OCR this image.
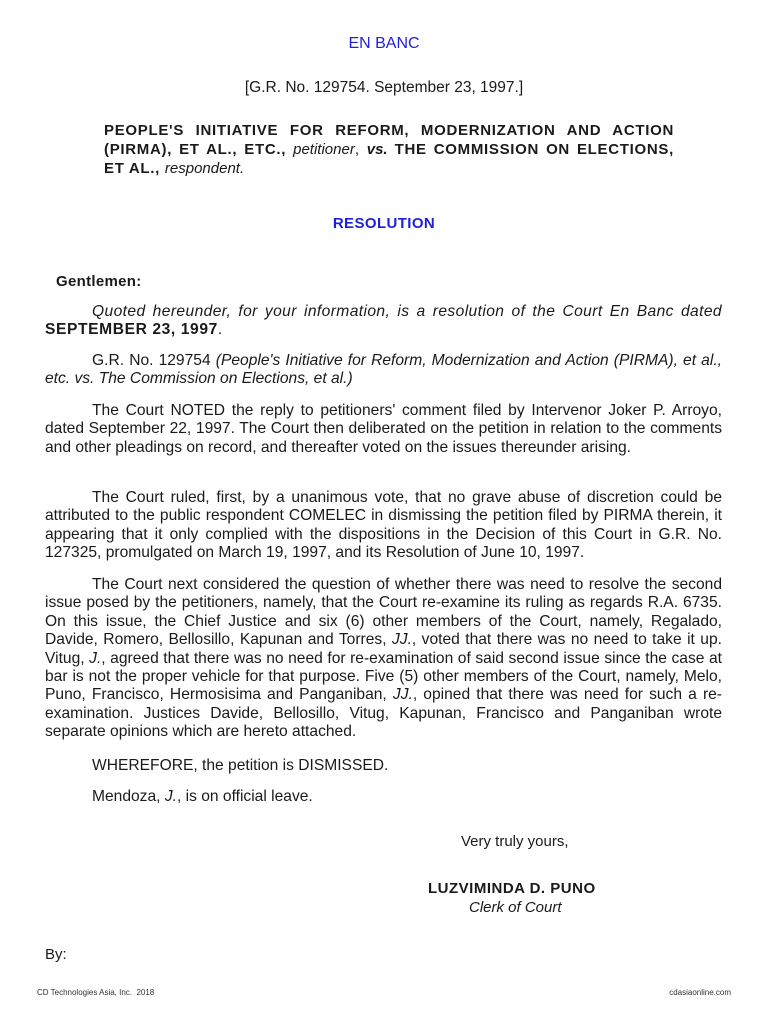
EN BANC
[G.R. No. 129754. September 23, 1997.]
PEOPLE'S INITIATIVE FOR REFORM, MODERNIZATION AND ACTION (PIRMA), ET AL., ETC., petitioner, vs. THE COMMISSION ON ELECTIONS, ET AL., respondent.
RESOLUTION
Gentlemen:

Quoted hereunder, for your information, is a resolution of the Court En Banc dated SEPTEMBER 23, 1997.

G.R. No. 129754 (People's Initiative for Reform, Modernization and Action (PIRMA), et al., etc. vs. The Commission on Elections, et al.)

The Court NOTED the reply to petitioners' comment filed by Intervenor Joker P. Arroyo, dated September 22, 1997. The Court then deliberated on the petition in relation to the comments and other pleadings on record, and thereafter voted on the issues thereunder arising.

The Court ruled, first, by a unanimous vote, that no grave abuse of discretion could be attributed to the public respondent COMELEC in dismissing the petition filed by PIRMA therein, it appearing that it only complied with the dispositions in the Decision of this Court in G.R. No. 127325, promulgated on March 19, 1997, and its Resolution of June 10, 1997.

The Court next considered the question of whether there was need to resolve the second issue posed by the petitioners, namely, that the Court re-examine its ruling as regards R.A. 6735. On this issue, the Chief Justice and six (6) other members of the Court, namely, Regalado, Davide, Romero, Bellosillo, Kapunan and Torres, JJ., voted that there was no need to take it up. Vitug, J., agreed that there was no need for re-examination of said second issue since the case at bar is not the proper vehicle for that purpose. Five (5) other members of the Court, namely, Melo, Puno, Francisco, Hermosisima and Panganiban, JJ., opined that there was need for such a re-examination. Justices Davide, Bellosillo, Vitug, Kapunan, Francisco and Panganiban wrote separate opinions which are hereto attached.

WHEREFORE, the petition is DISMISSED.

Mendoza, J., is on official leave.

Very truly yours,
LUZVIMINDA D. PUNO
Clerk of Court
By:
CD Technologies Asia, Inc.  2018	cdasiaonline.com
